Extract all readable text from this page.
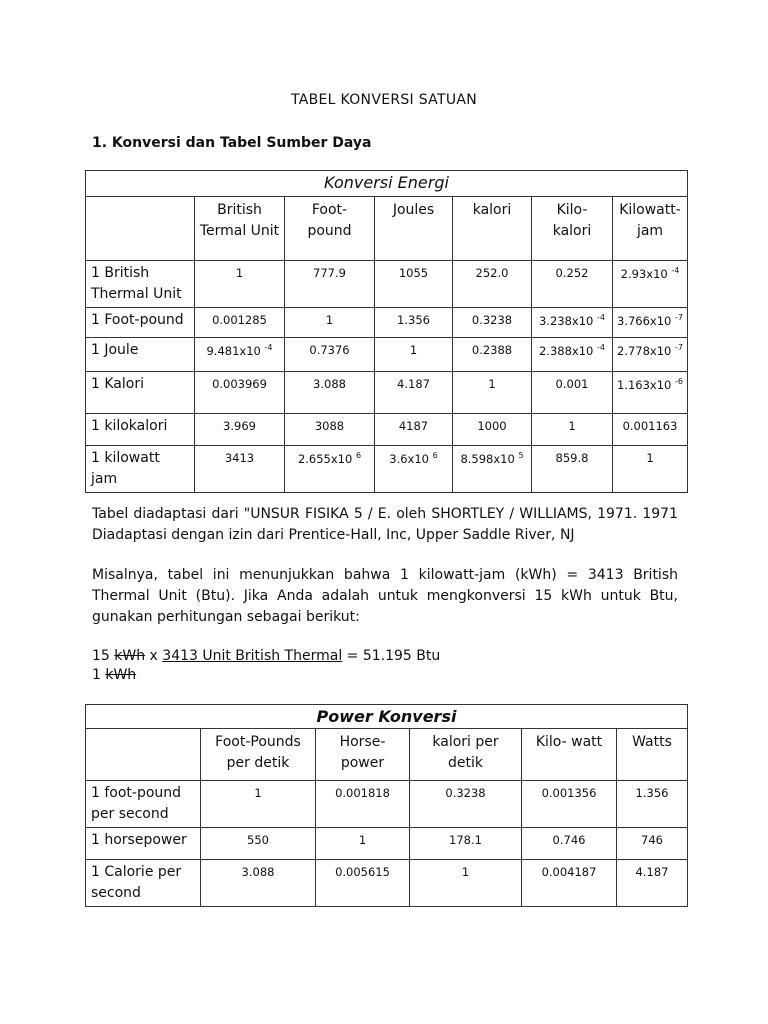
TABEL KONVERSI SATUAN
1. Konversi dan Tabel Sumber Daya
Konversi Energi						
	British Termal Unit	Foot- pound	Joules	kalori	Kilo- kalori	Kilowatt- jam
1 British Thermal Unit	1	777.9	1055	252.0	0.252	2.93x10 $^{-4}$
1 Foot-pound	0.001285	1	1.356	0.3238	3.238x10 $^{-4}$	3.766x10 $^{-7}$
1 Joule	9.481x10 $^{-4}$	0.7376	1	0.2388	2.388x10 $^{-4}$	2.778x10 $^{-7}$
1 Kalori	0.003969	3.088	4.187	1	0.001	1.163x10 $^{-6}$
1 kilokalori	3.969	3088	4187	1000	1	0.001163
1 kilowatt jam	3413	2.655x10 $^6$	3.6x10 $^6$	8.598x10 $^5$	859.8	1
Tabel diadaptasi dari "UNSUR FISIKA 5 / E. oleh SHORTLEY / WILLIAMS, 1971. 1971 Diadaptasi dengan izin dari Prentice-Hall, Inc, Upper Saddle River, NJ
Misalnya, tabel ini menunjukkan bahwa 1 kilowatt-jam (kWh) = 3413 British Thermal Unit (Btu). Jika Anda adalah untuk mengkonversi 15 kWh untuk Btu, gunakan perhitungan sebagai berikut:
15 kWh x 3413 Unit British Thermal = 51.195 Btu
1 kWh
Power Konversi					
	Foot-Pounds per detik	Horse- power	kalori per detik	Kilo- watt	Watts
1 foot-pound per second	1	0.001818	0.3238	0.001356	1.356
1 horsepower	550	1	178.1	0.746	746
1 Calorie per second	3.088	0.005615	1	0.004187	4.187
